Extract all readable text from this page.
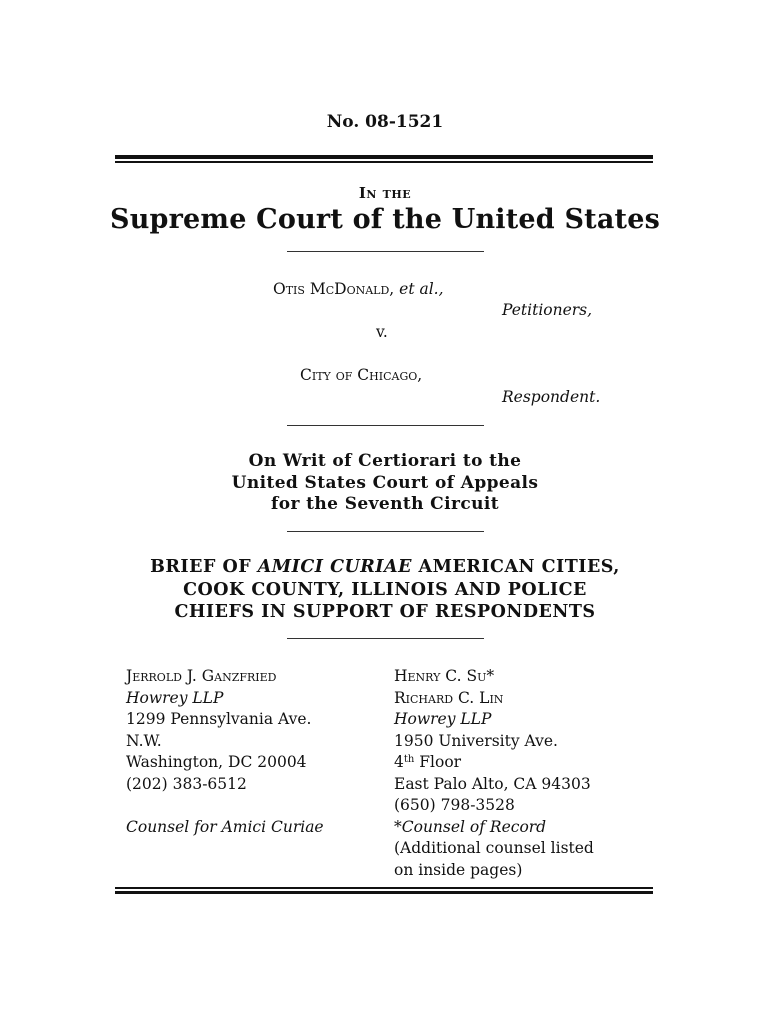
No. 08-1521
In the
Supreme Court of the United States
Otis McDonald, et al.,
Petitioners,
v.
City of Chicago,
Respondent.
On Writ of Certiorari to the
United States Court of Appeals
for the Seventh Circuit
BRIEF OF AMICI CURIAE AMERICAN CITIES,
COOK COUNTY, ILLINOIS AND POLICE
CHIEFS IN SUPPORT OF RESPONDENTS
Jerrold J. Ganzfried
Howrey LLP
1299 Pennsylvania Ave.
N.W.
Washington, DC 20004
(202) 383-6512
Counsel for Amici Curiae
Henry C. Su*
Richard C. Lin
Howrey LLP
1950 University Ave.
4th Floor
East Palo Alto, CA 94303
(650) 798-3528
*Counsel of Record
(Additional counsel listed
on inside pages)
